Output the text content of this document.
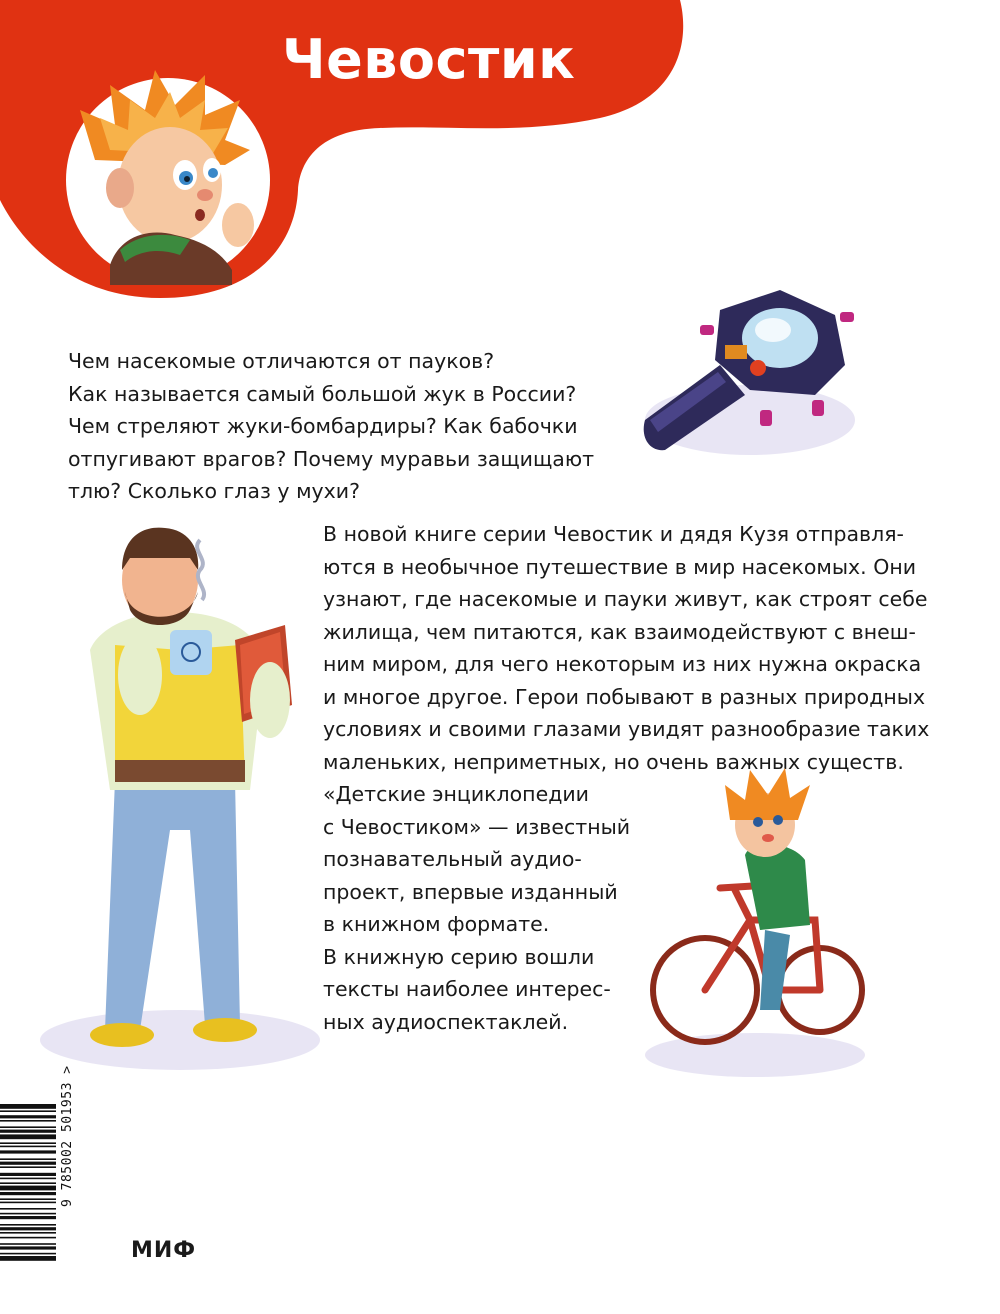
Чевостик
Чем насекомые отличаются от пауков?
Как называется самый большой жук в России?
Чем стреляют жуки-бомбардиры? Как бабочки
отпугивают врагов? Почему муравьи защищают
тлю? Сколько глаз у мухи?
В новой книге серии Чевостик и дядя Кузя отправля-
ются в необычное путешествие в мир насекомых. Они
узнают, где насекомые и пауки живут, как строят себе
жилища, чем питаются, как взаимодействуют с внеш-
ним миром, для чего некоторым из них нужна окраска
и многое другое. Герои побывают в разных природных
условиях и своими глазами увидят разнообразие таких
маленьких, неприметных, но очень важных существ.
«Детские энциклопедии
с Чевостиком» — известный
познавательный аудио-
проект, впервые изданный
в книжном формате.
В книжную серию вошли
тексты наиболее интерес-
ных аудиоспектаклей.
9 785002 501953 >
МИФ
